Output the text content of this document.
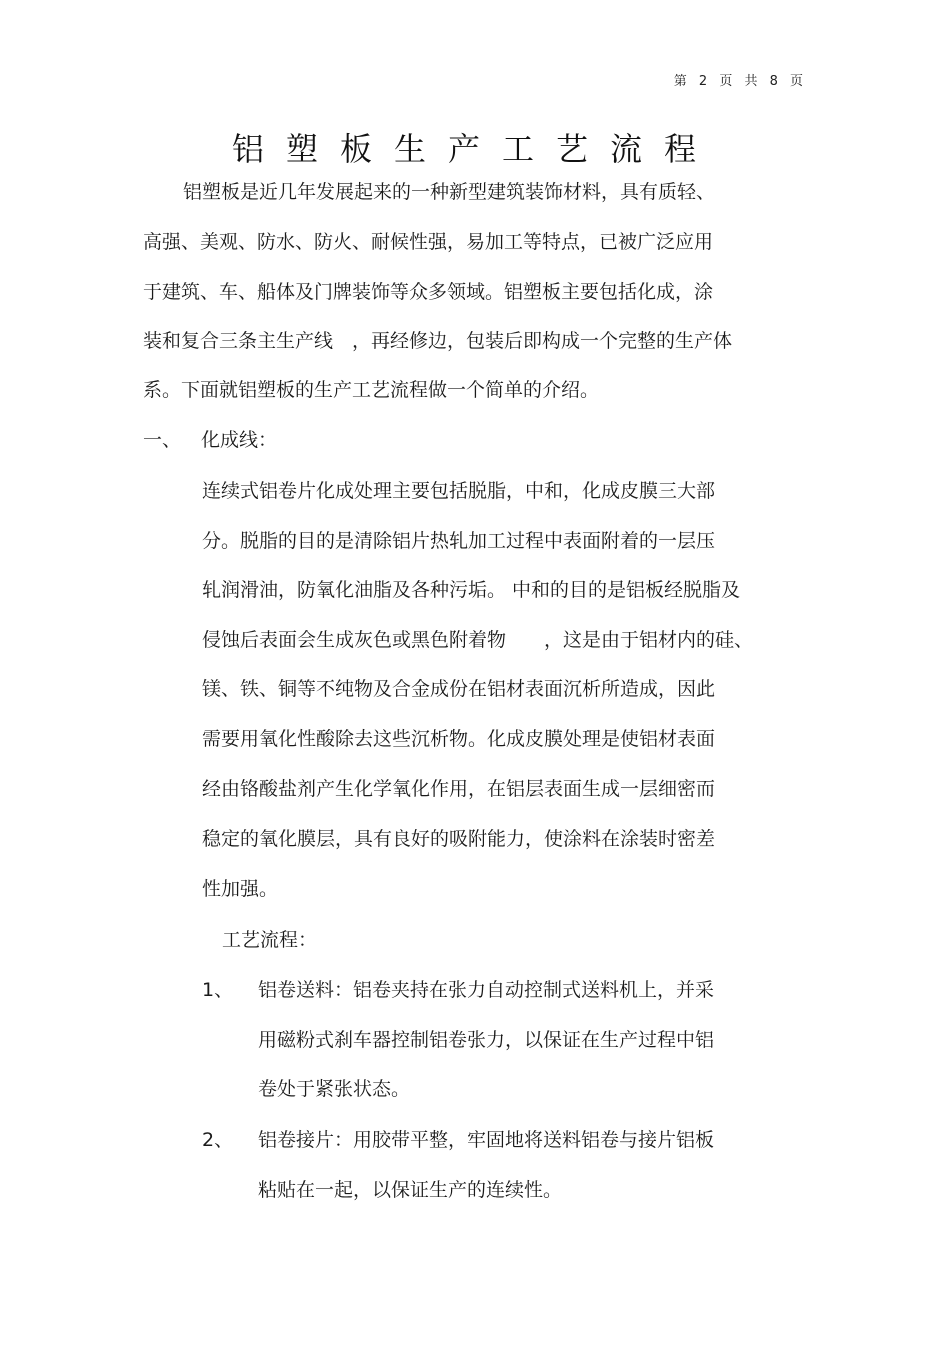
第 2 页 共 8 页
铝塑板生产工艺流程
铝塑板是近几年发展起来的一种新型建筑装饰材料，具有质轻、
高强、美观、防水、防火、耐候性强，易加工等特点，已被广泛应用
于建筑、车、船体及门牌装饰等众多领域。铝塑板主要包括化成，涂
装和复合三条主生产线　，再经修边，包装后即构成一个完整的生产体
系。下面就铝塑板的生产工艺流程做一个简单的介绍。
一、 化成线：
连续式铝卷片化成处理主要包括脱脂，中和，化成皮膜三大部
分。脱脂的目的是清除铝片热轧加工过程中表面附着的一层压
轧润滑油，防氧化油脂及各种污垢。 中和的目的是铝板经脱脂及
侵蚀后表面会生成灰色或黑色附着物　　，这是由于铝材内的硅、
镁、铁、铜等不纯物及合金成份在铝材表面沉析所造成，因此
需要用氧化性酸除去这些沉析物。化成皮膜处理是使铝材表面
经由铬酸盐剂产生化学氧化作用，在铝层表面生成一层细密而
稳定的氧化膜层，具有良好的吸附能力，使涂料在涂装时密差
性加强。
工艺流程：
1、 铝卷送料：铝卷夹持在张力自动控制式送料机上，并采
用磁粉式刹车器控制铝卷张力，以保证在生产过程中铝
卷处于紧张状态。
2、 铝卷接片：用胶带平整，牢固地将送料铝卷与接片铝板
粘贴在一起，以保证生产的连续性。
